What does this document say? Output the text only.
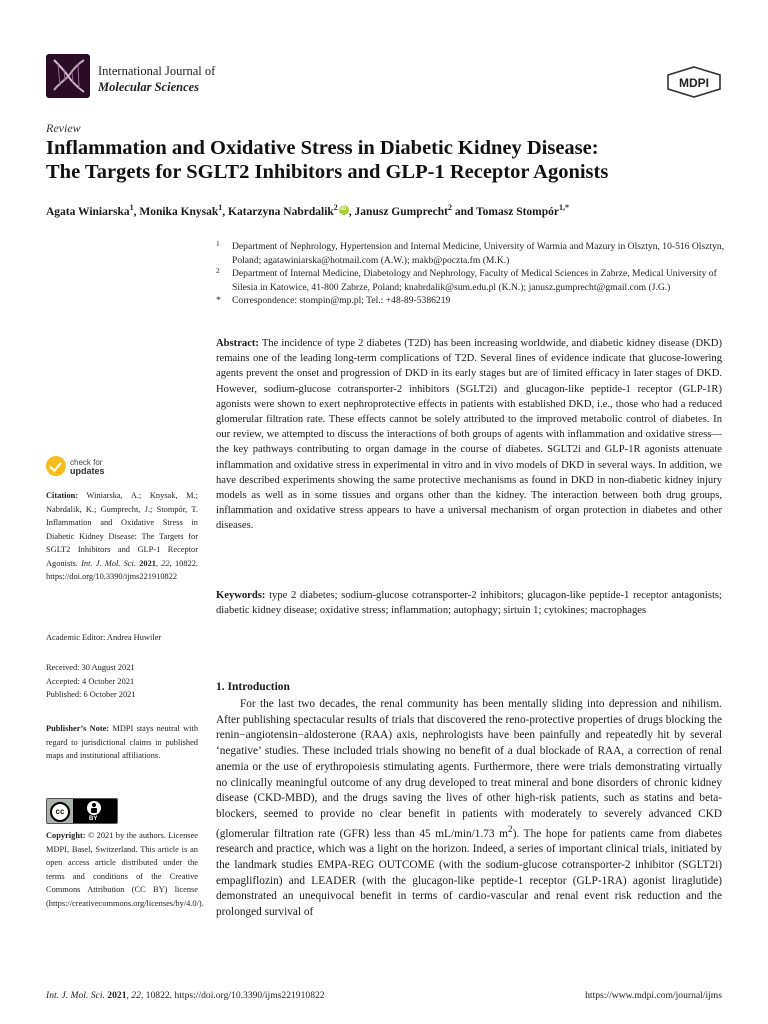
International Journal of
Molecular Sciences	MDPI
Review
Inflammation and Oxidative Stress in Diabetic Kidney Disease:
The Targets for SGLT2 Inhibitors and GLP-1 Receptor Agonists
Agata Winiarska$^1$, Monika Knysak$^1$, Katarzyna Nabrdalik$^2$iD , Janusz Gumprecht$^2$ and Tomasz Stompór$^{1,*}$
1 Department of Nephrology, Hypertension and Internal Medicine, University of Warmia and Mazury in Olsztyn, 10-516 Olsztyn, Poland; agatawiniarska@hotmail.com (A.W.); makb@poczta.fm (M.K.)
2 Department of Internal Medicine, Diabetology and Nephrology, Faculty of Medical Sciences in Zabrze, Medical University of Silesia in Katowice, 41-800 Zabrze, Poland; knabrdalik@sum.edu.pl (K.N.); janusz.gumprecht@gmail.com (J.G.)
* Correspondence: stompin@mp.pl; Tel.: +48-89-5386219
Abstract: The incidence of type 2 diabetes (T2D) has been increasing worldwide, and diabetic kidney disease (DKD) remains one of the leading long-term complications of T2D. Several lines of evidence indicate that glucose-lowering agents prevent the onset and progression of DKD in its early stages but are of limited efficacy in later stages of DKD. However, sodium-glucose cotransporter-2 inhibitors (SGLT2i) and glucagon-like peptide-1 receptor (GLP-1R) agonists were shown to exert nephroprotective effects in patients with established DKD, i.e., those who had a reduced glomerular filtration rate. These effects cannot be solely attributed to the improved metabolic control of diabetes. In our review, we attempted to discuss the interactions of both groups of agents with inflammation and oxidative stress—the key pathways contributing to organ damage in the course of diabetes. SGLT2i and GLP-1R agonists attenuate inflammation and oxidative stress in experimental in vitro and in vivo models of DKD in several ways. In addition, we have described experiments showing the same protective mechanisms as found in DKD in non-diabetic kidney injury models as well as in some tissues and organs other than the kidney. The interaction between both drug groups, inflammation and oxidative stress appears to have a universal mechanism of organ protection in diabetes and other diseases.
Keywords: type 2 diabetes; sodium-glucose cotransporter-2 inhibitors; glucagon-like peptide-1 receptor antagonists; diabetic kidney disease; oxidative stress; inflammation; autophagy; sirtuin 1; cytokines; macrophages
check for
updates
Citation: Winiarska, A.; Knysak, M.; Nabrdalik, K.; Gumprecht, J.; Stompór, T. Inflammation and Oxidative Stress in Diabetic Kidney Disease: The Targets for SGLT2 Inhibitors and GLP-1 Receptor Agonists. Int. J. Mol. Sci. 2021, 22, 10822. https://doi.org/10.3390/ijms221910822
Academic Editor: Andrea Huwiler
Received: 30 August 2021
Accepted: 4 October 2021
Published: 6 October 2021
Publisher’s Note: MDPI stays neutral with regard to jurisdictional claims in published maps and institutional affiliations.
cc
BY
Copyright: © 2021 by the authors. Licensee MDPI, Basel, Switzerland. This article is an open access article distributed under the terms and conditions of the Creative Commons Attribution (CC BY) license (https://creativecommons.org/licenses/by/4.0/).
1. Introduction
For the last two decades, the renal community has been mentally sliding into depression and nihilism. After publishing spectacular results of trials that discovered the reno-protective properties of drugs blocking the renin−angiotensin−aldosterone (RAA) axis, nephrologists have been painfully and repeatedly hit by several ‘negative’ studies. These included trials showing no benefit of a dual blockade of RAA, a correction of renal anemia or the use of erythropoiesis stimulating agents. Furthermore, there were trials demonstrating virtually no clinically meaningful outcome of any drug developed to treat mineral and bone disorders of chronic kidney disease (CKD-MBD), and the drugs saving the lives of other high-risk patients, such as statins and beta-blockers, seemed to provide no clear benefit in patients with moderately to severely advanced CKD (glomerular filtration rate (GFR) less than 45 mL/min/1.73 $m^2$). The hope for patients came from diabetes research and practice, which was a light on the horizon. Indeed, a series of important clinical trials, initiated by the landmark studies EMPA-REG OUTCOME (with the sodium-glucose cotransporter-2 inhibitor (SGLT2i) empagliflozin) and LEADER (with the glucagon-like peptide-1 receptor (GLP-1RA) agonist liraglutide) demonstrated an unequivocal benefit in terms of cardio-vascular and renal event risk reduction and the prolonged survival of
Int. J. Mol. Sci. 2021, 22, 10822. https://doi.org/10.3390/ijms221910822	https://www.mdpi.com/journal/ijms
